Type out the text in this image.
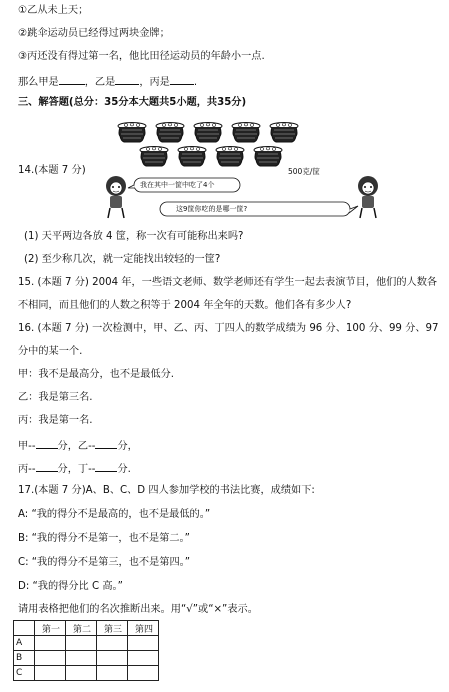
①乙从未上天；
②跳伞运动员已经得过两块金牌；
③丙还没有得过第一名，他比田径运动员的年龄小一点.
那么甲是	，乙是 ，丙是 .
三、解答题(总分：35分本大题共5小题，共35分)
500克/筐
我在其中一筐中吃了4个
这9筐你吃的是哪一筐?
14.(本题 7 分)
(1) 天平两边各放 4 筐，称一次有可能称出来吗?
(2) 至少称几次，就一定能找出较轻的一筐?
15. (本题 7 分) 2004 年，一些语文老师、数学老师还有学生一起去表演节目，他们的人数各
不相同，而且他们的人数之积等于 2004 年全年的天数。他们各有多少人?
16. (本题 7 分) 一次检测中，甲、乙、丙、丁四人的数学成绩为 96 分、100 分、99 分、97
分中的某一个.
甲：我不是最高分，也不是最低分.
乙：我是第三名.
丙：我是第一名.
甲-- 分，乙-- 分，
丙-- 分，丁-- 分.
17.(本题 7 分)A、B、C、D 四人参加学校的书法比赛，成绩如下:
A: “我的得分不是最高的，也不是最低的。”
B: “我的得分不是第一，也不是第二。”
C: “我的得分不是第三，也不是第四。”
D: “我的得分比 C 高。”
请用表格把他们的名次推断出来。用“√”或“×”表示。
	第一	第二	第三	第四
A				
B				
C				
